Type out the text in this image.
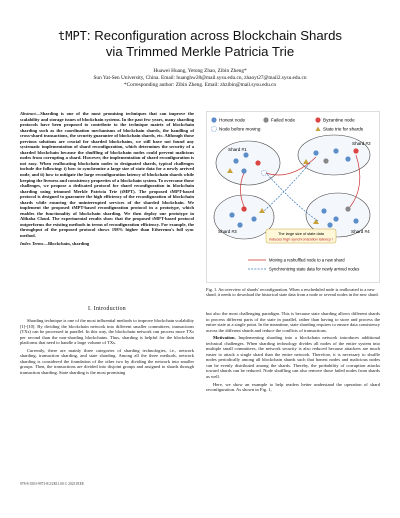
tMPT: Reconfiguration across Blockchain Shards
via Trimmed Merkle Patricia Trie
Huawei Huang, Yetong Zhao, Zibin Zheng*
Sun Yat-Sen University, China. Email: huanghw28@mail.sysu.edu.cn, zhaoyt27@mail2.sysu.edu.cn
*Corresponding author: Zibin Zheng. Email: zhzibin@mail.sysu.edu.cn

Abstract—Sharding is one of the most promising techniques that can improve the scalability and storage issues of blockchain systems. In the past few years, many sharding protocols have been proposed to contribute to the technique matrix of blockchain sharding such as the coordination mechanisms of blockchain shards, the handling of cross-shard transactions, the security guarantee of blockchain shards, etc. Although those previous solutions are crucial for sharded blockchains, we still have not found any systematic implementation of shard reconfiguration, which determines the security of a sharded blockchain because the shuffling of blockchain nodes could prevent malicious nodes from corrupting a shard. However, the implementation of shard reconfiguration is not easy. When reallocating blockchain nodes to designated shards, typical challenges include the following: i) how to synchronize a large size of state data for a newly arrived node, and ii) how to mitigate the large reconfiguration latency of blockchain shards while keeping the liveness and consistency properties of a blockchain system. To overcome those challenges, we propose a dedicated protocol for shard reconfiguration in blockchain sharding using trimmed Merkle Patricia Trie (tMPT). The proposed tMPT-based protocol is designed to guarantee the high efficiency of the reconfiguration of blockchain shards while ensuring the uninterrupted services of the sharded blockchain. We implement the proposed tMPT-based reconfiguration protocol in a prototype, which enables the functionality of blockchain sharding. We then deploy our prototype in Alibaba Cloud. The experimental results show that the proposed tMPT-based protocol outperforms the existing methods in terms of reconfiguration efficiency. For example, the throughput of the proposed protocol shows 198% higher than Ethereum's full sync method.

Index Terms—Blockchain, sharding

I. Introduction

Sharding technique is one of the most influential methods to improve blockchain scalability [1]-[10]. By dividing the blockchain network into different smaller committees, transactions (TXs) can be processed in parallel. In this way, the blockchain network can process more TXs per second than the non-sharding blockchains. Thus, sharding is helpful for the blockchain platforms that need to handle a large volume of TXs.

Currently, there are mainly three categories of sharding technologies, i.e., network sharding, transaction sharding, and state sharding. Among all the three methods, network sharding is considered the foundation of the other two by dividing the network into smaller groups. Then, the transactions are divided into disjoint groups and assigned to shards through transaction sharding. State sharding is the most promising

978-8-3503-9973-8/23/$31.00 © 2023 IEEE
Honest node	Failed node	Byzantine node
Node before moving	State trie for shards
Shard #1
Shard #2
Shard #3	Shard #4
The large size of state data
induces high synchronization latency !
Moving a reshuffled node to a new shard
Synchronizing state data for newly arrived nodes
Fig. 1. An overview of shards' reconfiguration. When a rescheduled node is reallocated to a new shard, it needs to download the historical state data from a node or several nodes in the new shard.

but also the most challenging paradigm. This is because state sharding allows different shards to process different parts of the state in parallel, rather than having to store and process the entire state at a single point. In the meantime, state sharding requires to ensure data consistency across the different shards and reduce the conflicts of transactions.

Motivation. Implementing sharding into a blockchain network introduces additional technical challenges. When sharding technology divides all nodes of the entire system into multiple small committees, the network security is also reduced because attackers are much easier to attack a single shard than the entire network. Therefore, it is necessary to shuffle nodes periodically among all blockchain shards such that honest nodes and malicious nodes can be evenly distributed among the shards. Thereby, the probability of corruption attacks toward shards can be reduced. Node shuffling can also remove those failed nodes from shards as well.

Here, we show an example to help readers better understand the operation of shard reconfiguration. As shown in Fig. 1,
